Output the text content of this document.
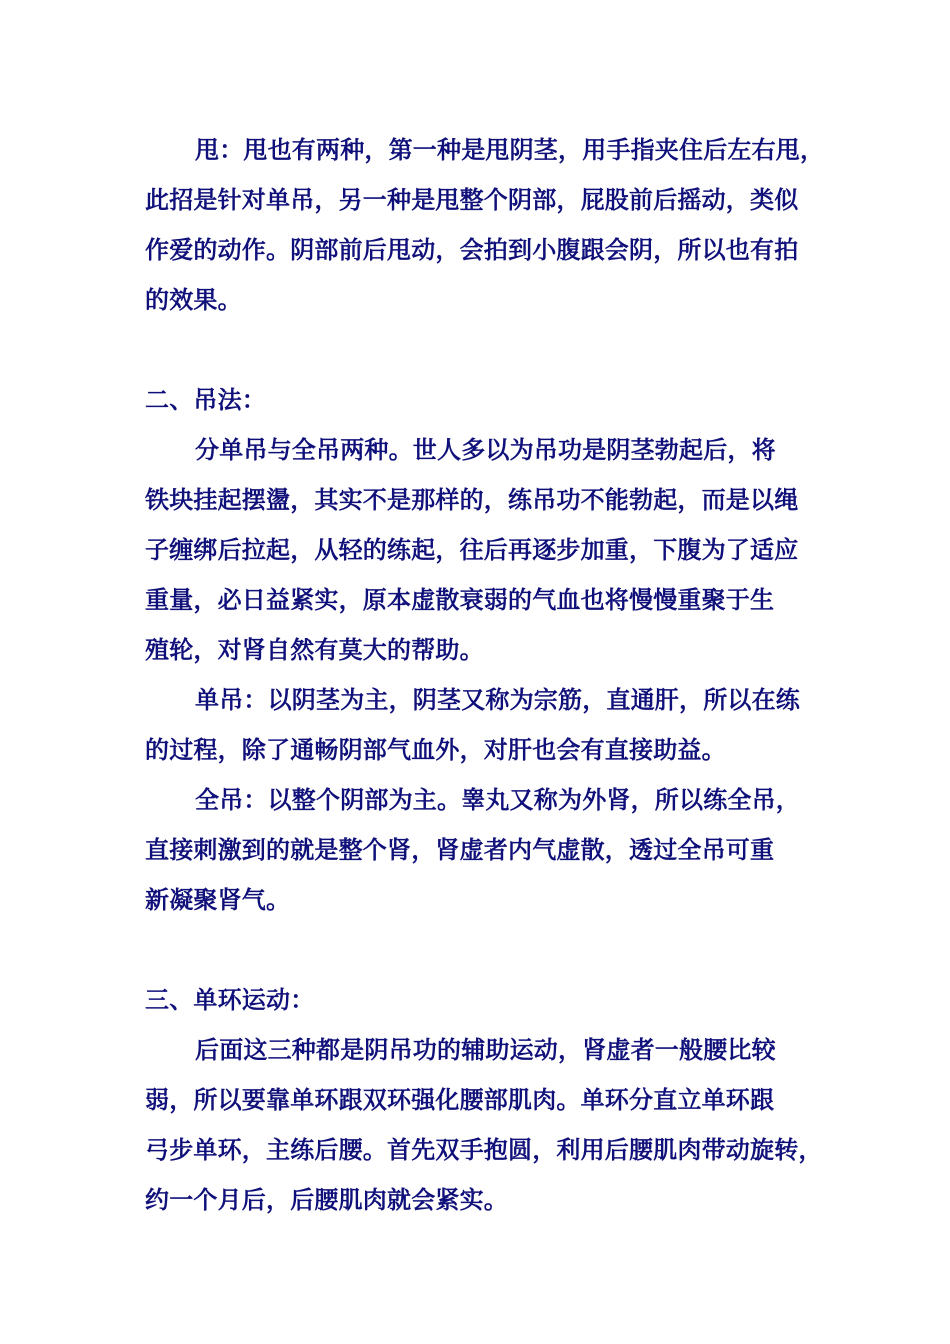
甩：甩也有两种，第一种是甩阴茎，用手指夹住后左右甩，
此招是针对单吊，另一种是甩整个阴部，屁股前后摇动，类似
作爱的动作。阴部前后甩动，会拍到小腹跟会阴，所以也有拍
的效果。
二、吊法：
分单吊与全吊两种。世人多以为吊功是阴茎勃起后，将
铁块挂起摆盪，其实不是那样的，练吊功不能勃起，而是以绳
子缠绑后拉起，从轻的练起，往后再逐步加重，下腹为了适应
重量，必日益紧实，原本虚散衰弱的气血也将慢慢重聚于生
殖轮，对肾自然有莫大的帮助。
单吊：以阴茎为主，阴茎又称为宗筋，直通肝，所以在练
的过程，除了通畅阴部气血外，对肝也会有直接助益。
全吊：以整个阴部为主。睾丸又称为外肾，所以练全吊，
直接刺激到的就是整个肾，肾虚者内气虚散，透过全吊可重
新凝聚肾气。
三、单环运动：
后面这三种都是阴吊功的辅助运动，肾虚者一般腰比较
弱，所以要靠单环跟双环强化腰部肌肉。单环分直立单环跟
弓步单环，主练后腰。首先双手抱圆，利用后腰肌肉带动旋转，
约一个月后，后腰肌肉就会紧实。
